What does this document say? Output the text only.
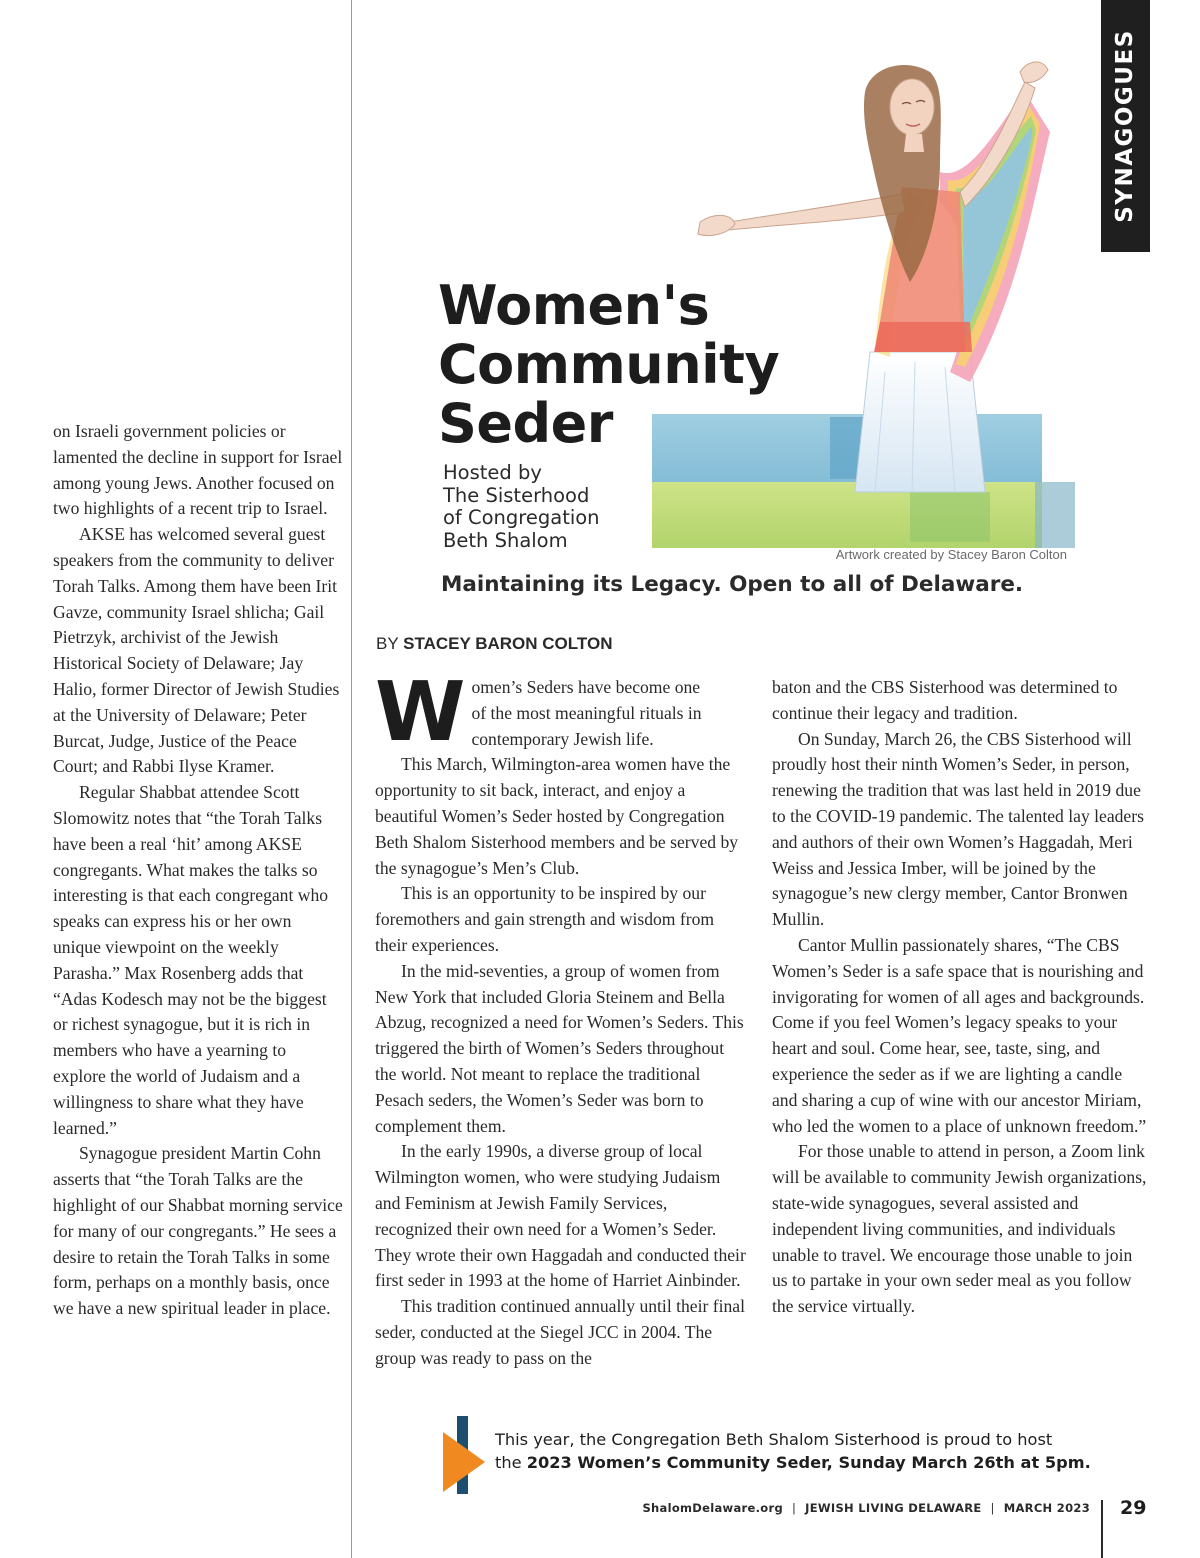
SYNAGOGUES

on Israeli government policies or lamented the decline in support for Israel among young Jews. Another focused on two highlights of a recent trip to Israel.

AKSE has welcomed several guest speakers from the community to deliver Torah Talks. Among them have been Irit Gavze, community Israel shlicha; Gail Pietrzyk, archivist of the Jewish Historical Society of Delaware; Jay Halio, former Director of Jewish Studies at the University of Delaware; Peter Burcat, Judge, Justice of the Peace Court; and Rabbi Ilyse Kramer.

Regular Shabbat attendee Scott Slomowitz notes that “the Torah Talks have been a real ‘hit’ among AKSE congregants. What makes the talks so interesting is that each congregant who speaks can express his or her own unique viewpoint on the weekly Parasha.” Max Rosenberg adds that “Adas Kodesch may not be the biggest or richest synagogue, but it is rich in members who have a yearning to explore the world of Judaism and a willingness to share what they have learned.”

Synagogue president Martin Cohn asserts that “the Torah Talks are the highlight of our Shabbat morning service for many of our congregants.” He sees a desire to retain the Torah Talks in some form, perhaps on a monthly basis, once we have a new spiritual leader in place.

Artwork created by Stacey Baron Colton
Women's
Community
Seder
Hosted by
The Sisterhood
of Congregation
Beth Shalom
Maintaining its Legacy. Open to all of Delaware.
BY STACEY BARON COLTON
W omen’s Seders have become one
of the most meaningful rituals in
contemporary Jewish life.

This March, Wilmington-area women have the opportunity to sit back, interact, and enjoy a beautiful Women’s Seder hosted by Congregation Beth Shalom Sisterhood members and be served by the synagogue’s Men’s Club.

This is an opportunity to be inspired by our foremothers and gain strength and wisdom from their experiences.

In the mid-seventies, a group of women from New York that included Gloria Steinem and Bella Abzug, recognized a need for Women’s Seders. This triggered the birth of Women’s Seders throughout the world. Not meant to replace the traditional Pesach seders, the Women’s Seder was born to complement them.

In the early 1990s, a diverse group of local Wilmington women, who were studying Judaism and Feminism at Jewish Family Services, recognized their own need for a Women’s Seder. They wrote their own Haggadah and conducted their first seder in 1993 at the home of Harriet Ainbinder.

This tradition continued annually until their final seder, conducted at the Siegel JCC in 2004. The group was ready to pass on the

baton and the CBS Sisterhood was determined to continue their legacy and tradition.

On Sunday, March 26, the CBS Sisterhood will proudly host their ninth Women’s Seder, in person, renewing the tradition that was last held in 2019 due to the COVID-19 pandemic. The talented lay leaders and authors of their own Women’s Haggadah, Meri Weiss and Jessica Imber, will be joined by the synagogue’s new clergy member, Cantor Bronwen Mullin.

Cantor Mullin passionately shares, “The CBS Women’s Seder is a safe space that is nourishing and invigorating for women of all ages and backgrounds. Come if you feel Women’s legacy speaks to your heart and soul. Come hear, see, taste, sing, and experience the seder as if we are lighting a candle and sharing a cup of wine with our ancestor Miriam, who led the women to a place of unknown freedom.”

For those unable to attend in person, a Zoom link will be available to community Jewish organizations, state-wide synagogues, several assisted and independent living communities, and individuals unable to travel. We encourage those unable to join us to partake in your own seder meal as you follow the service virtually.

This year, the Congregation Beth Shalom Sisterhood is proud to host
the 2023 Women’s Community Seder, Sunday March 26th at 5pm.
ShalomDelaware.org | JEWISH LIVING DELAWARE | MARCH 2023 29
